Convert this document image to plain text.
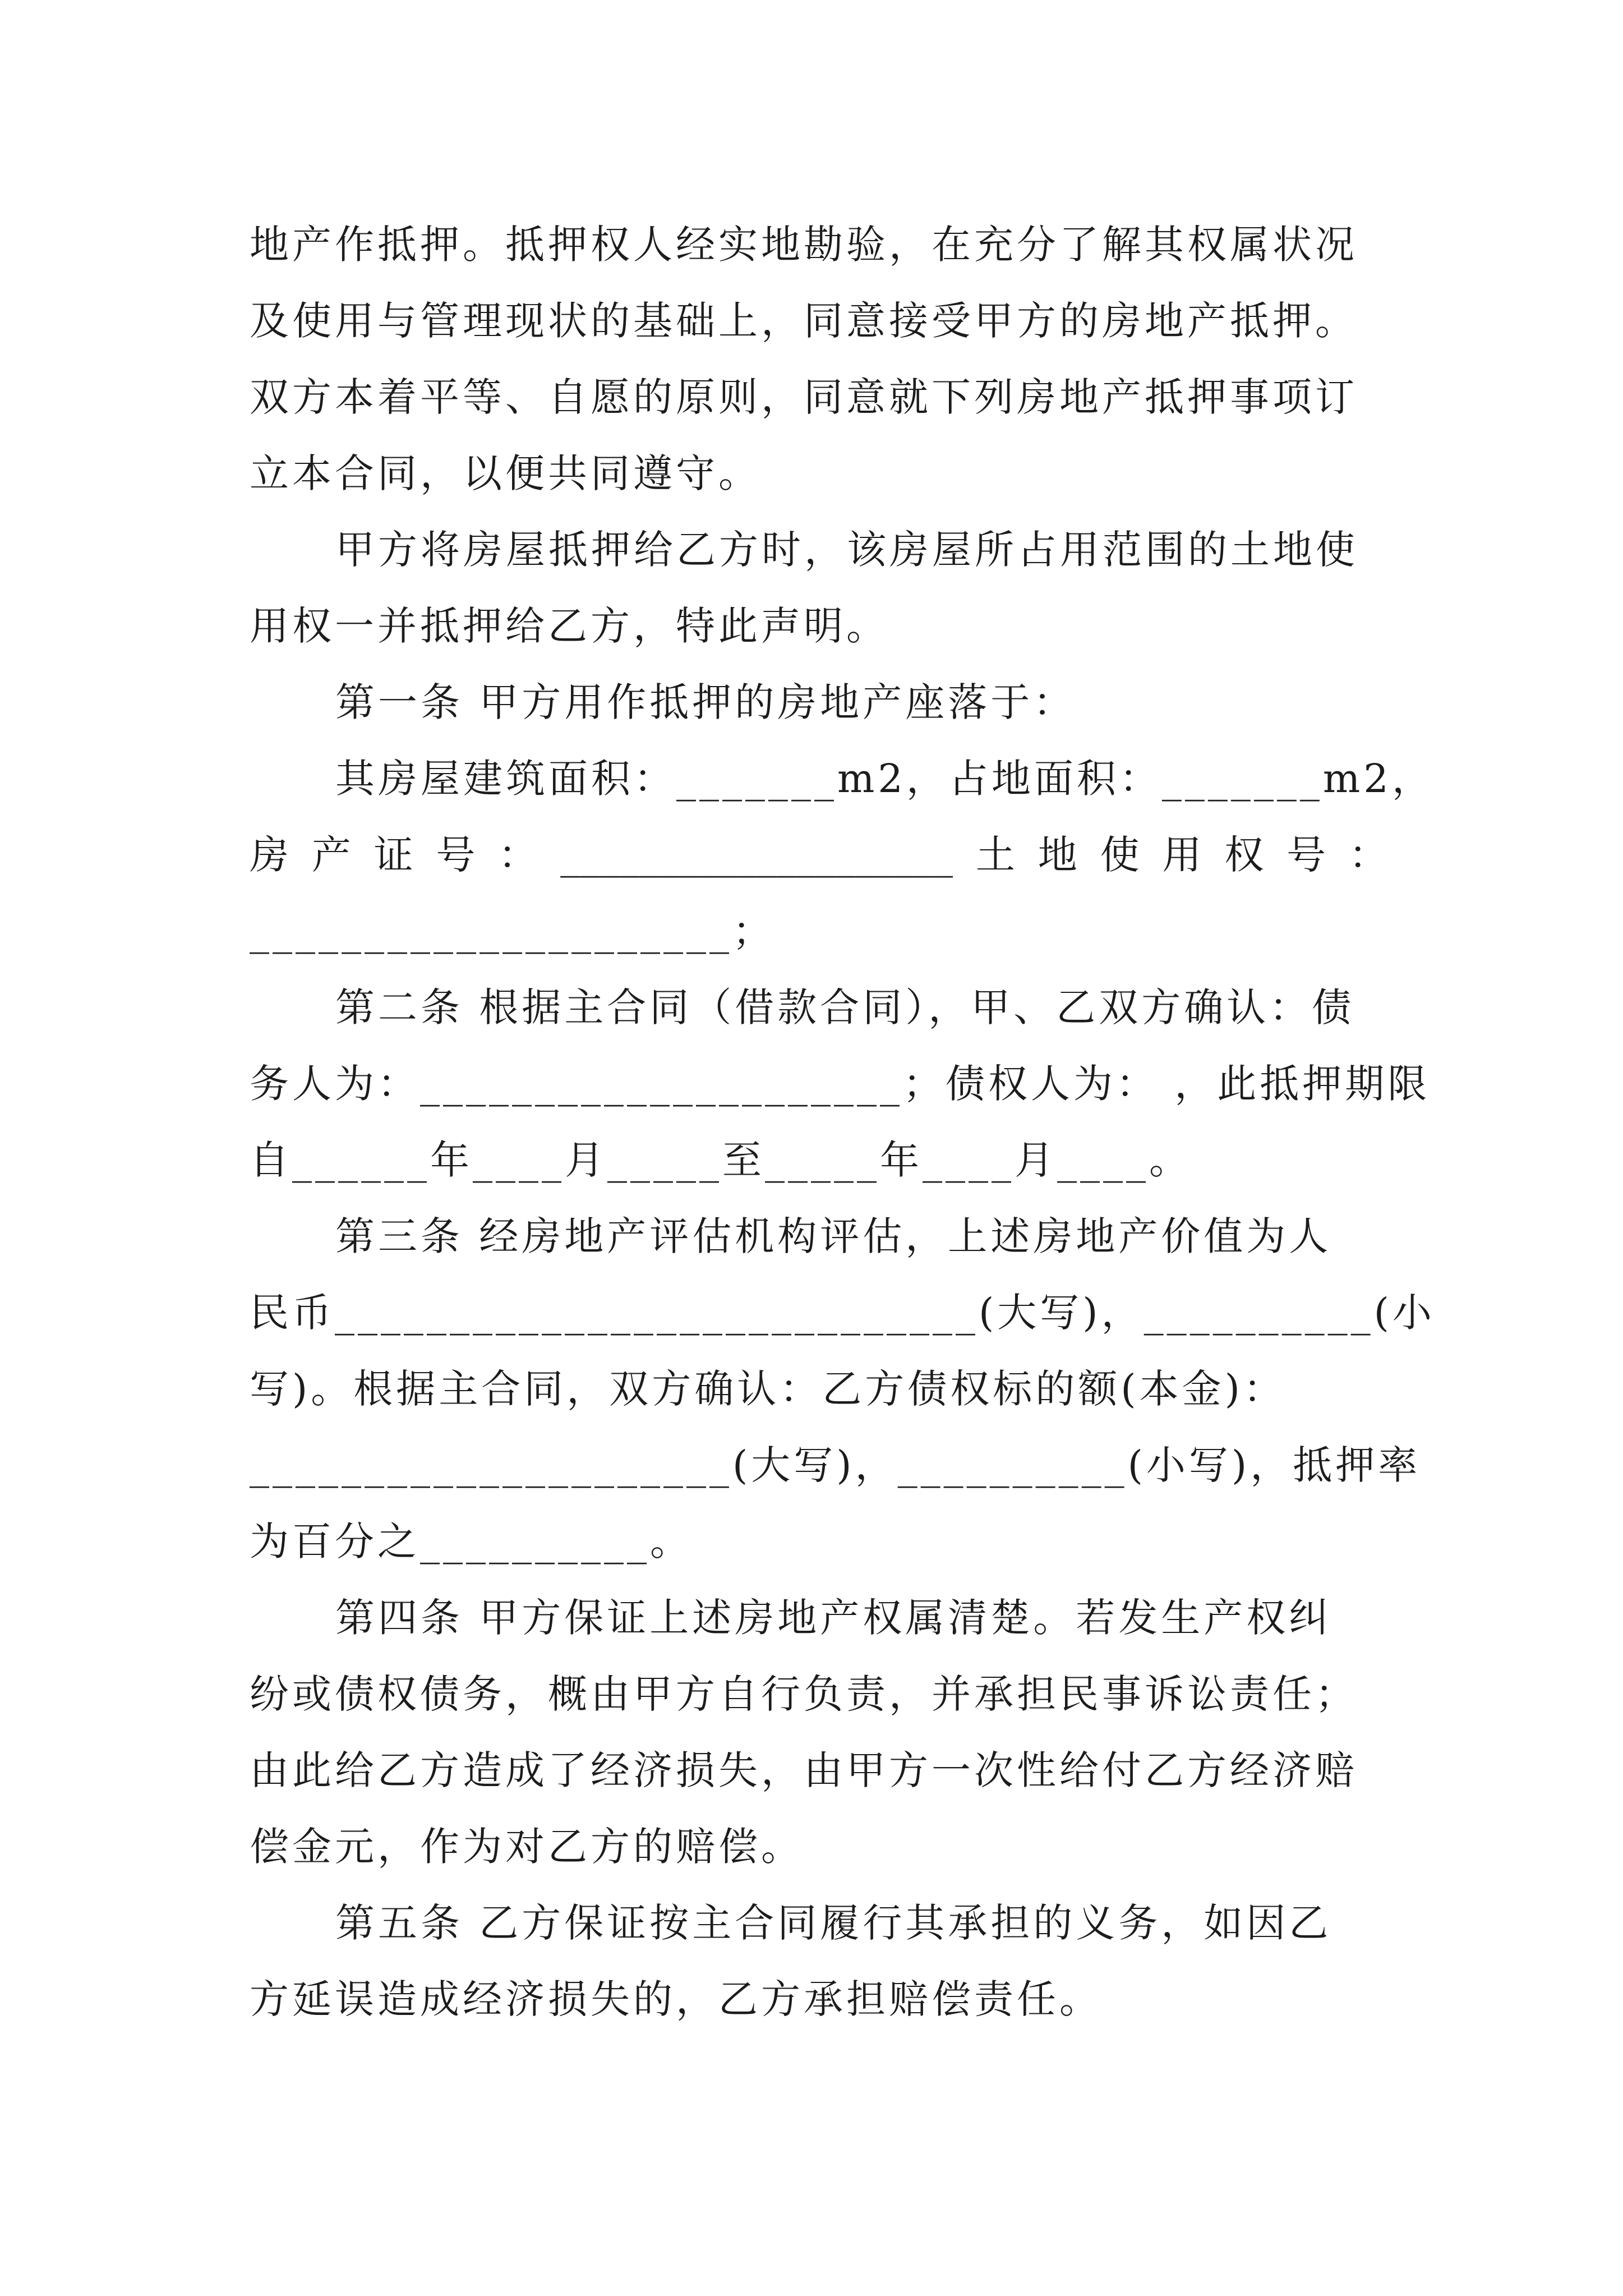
地产作抵押。抵押权人经实地勘验，在充分了解其权属状况
及使用与管理现状的基础上，同意接受甲方的房地产抵押。
双方本着平等、自愿的原则，同意就下列房地产抵押事项订
立本合同，以便共同遵守。
甲方将房屋抵押给乙方时，该房屋所占用范围的土地使
用权一并抵押给乙方，特此声明。
第一条 甲方用作抵押的房地产座落于：
其房屋建筑面积：_______m2，占地面积：_______m2，
房 产 证 号 ： ____________________ 土 地 使 用 权 号 ：
_____________________；
第二条 根据主合同（借款合同），甲、乙双方确认：债
务人为：_____________________；债权人为： ，此抵押期限
自______年____月_____至_____年____月____。
第三条 经房地产评估机构评估，上述房地产价值为人
民币____________________________(大写)，__________(小
写)。根据主合同，双方确认：乙方债权标的额(本金)：
_____________________(大写)，__________(小写)，抵押率
为百分之__________。
第四条 甲方保证上述房地产权属清楚。若发生产权纠
纷或债权债务，概由甲方自行负责，并承担民事诉讼责任；
由此给乙方造成了经济损失，由甲方一次性给付乙方经济赔
偿金元，作为对乙方的赔偿。
第五条 乙方保证按主合同履行其承担的义务，如因乙
方延误造成经济损失的，乙方承担赔偿责任。
